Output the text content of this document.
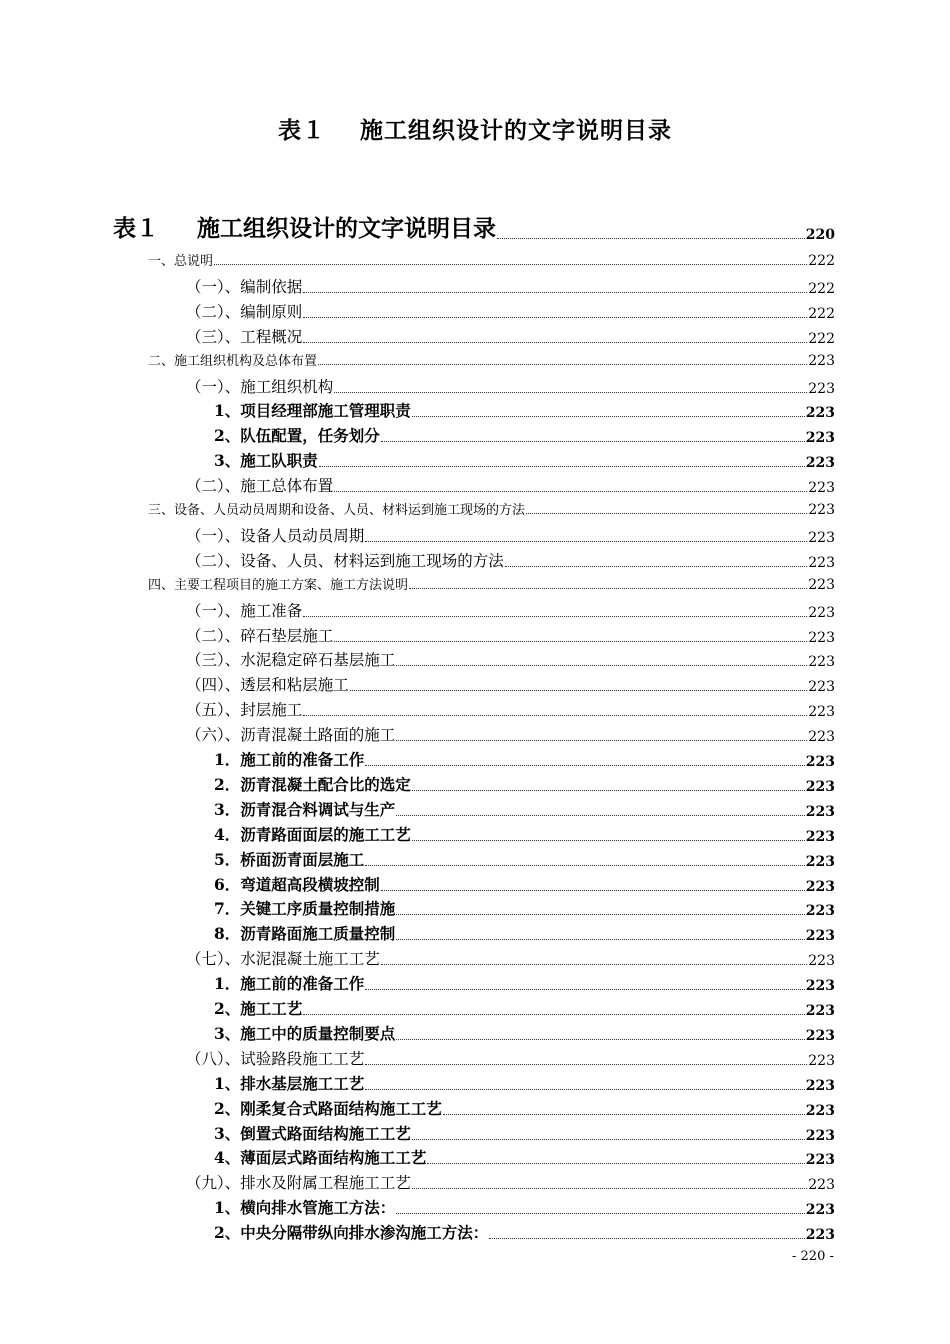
表１ 施工组织设计的文字说明目录
表１ 施工组织设计的文字说明目录	220
一、总说明	222
（一）、编制依据	222
（二）、编制原则	222
（三）、工程概况	222
二、施工组织机构及总体布置	223
（一）、施工组织机构	223
1、项目经理部施工管理职责	223
2、队伍配置，任务划分	223
3、施工队职责	223
（二）、施工总体布置	223
三、设备、人员动员周期和设备、人员、材料运到施工现场的方法	223
（一）、设备人员动员周期	223
（二）、设备、人员、材料运到施工现场的方法	223
四、主要工程项目的施工方案、施工方法说明	223
（一）、施工准备	223
（二）、碎石垫层施工	223
（三）、水泥稳定碎石基层施工	223
（四）、透层和粘层施工	223
（五）、封层施工	223
（六）、沥青混凝土路面的施工	223
1．施工前的准备工作	223
2．沥青混凝土配合比的选定	223
3．沥青混合料调试与生产	223
4．沥青路面面层的施工工艺	223
5．桥面沥青面层施工	223
6．弯道超高段横坡控制	223
7．关键工序质量控制措施	223
8．沥青路面施工质量控制	223
（七）、水泥混凝土施工工艺	223
1．施工前的准备工作	223
2、施工工艺	223
3、施工中的质量控制要点	223
（八）、试验路段施工工艺	223
1、排水基层施工工艺	223
2、刚柔复合式路面结构施工工艺	223
3、倒置式路面结构施工工艺	223
4、薄面层式路面结构施工工艺	223
（九）、排水及附属工程施工工艺	223
1、横向排水管施工方法：	223
2、中央分隔带纵向排水渗沟施工方法：	223
- 220 -
